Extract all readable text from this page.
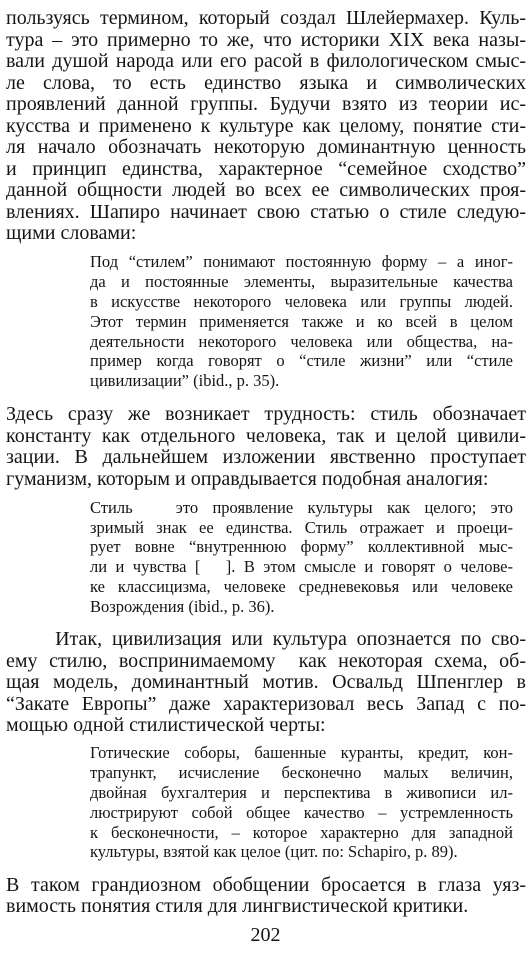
пользуясь термином, который создал Шлейермахер. Куль-
тура – это примерно то же, что историки XIX века назы-
вали душой народа или его расой в филологическом смыс-
ле слова, то есть единство языка и символических
проявлений данной группы. Будучи взято из теории ис-
кусства и применено к культуре как целому, понятие сти-
ля начало обозначать некоторую доминантную ценность
и принцип единства, характерное “семейное сходство”
данной общности людей во всех ее символических проя-
влениях. Шапиро начинает свою статью о стиле следую-
щими словами:
Под “стилем” понимают постоянную форму – а иног-
да и постоянные элементы, выразительные качества
в искусстве некоторого человека или группы людей.
Этот термин применяется также и ко всей в целом
деятельности некоторого человека или общества, на-
пример когда говорят о “стиле жизни” или “стиле
цивилизации” (ibid., p. 35).
Здесь сразу же возникает трудность: стиль обозначает
константу как отдельного человека, так и целой цивили-
зации. В дальнейшем изложении явственно проступает
гуманизм, которым и оправдывается подобная аналогия:
Стиль   это проявление культуры как целого; это
зримый знак ее единства. Стиль отражает и проеци-
рует вовне “внутреннюю форму” коллективной мыс-
ли и чувства [   ]. В этом смысле и говорят о челове-
ке классицизма, человеке средневековья или человеке
Возрождения (ibid., p. 36).
Итак, цивилизация или культура опознается по сво-
ему стилю, воспринимаемому  как некоторая схема, об-
щая модель, доминантный мотив. Освальд Шпенглер в
“Закате Европы” даже характеризовал весь Запад с по-
мощью одной стилистической черты:
Готические соборы, башенные куранты, кредит, кон-
трапункт, исчисление бесконечно малых величин,
двойная бухгалтерия и перспектива в живописи ил-
люстрируют собой общее качество – устремленность
к бесконечности, – которое характерно для западной
культуры, взятой как целое (цит. по: Schapiro, p. 89).
В таком грандиозном обобщении бросается в глаза уяз-
вимость понятия стиля для лингвистической критики.
202
